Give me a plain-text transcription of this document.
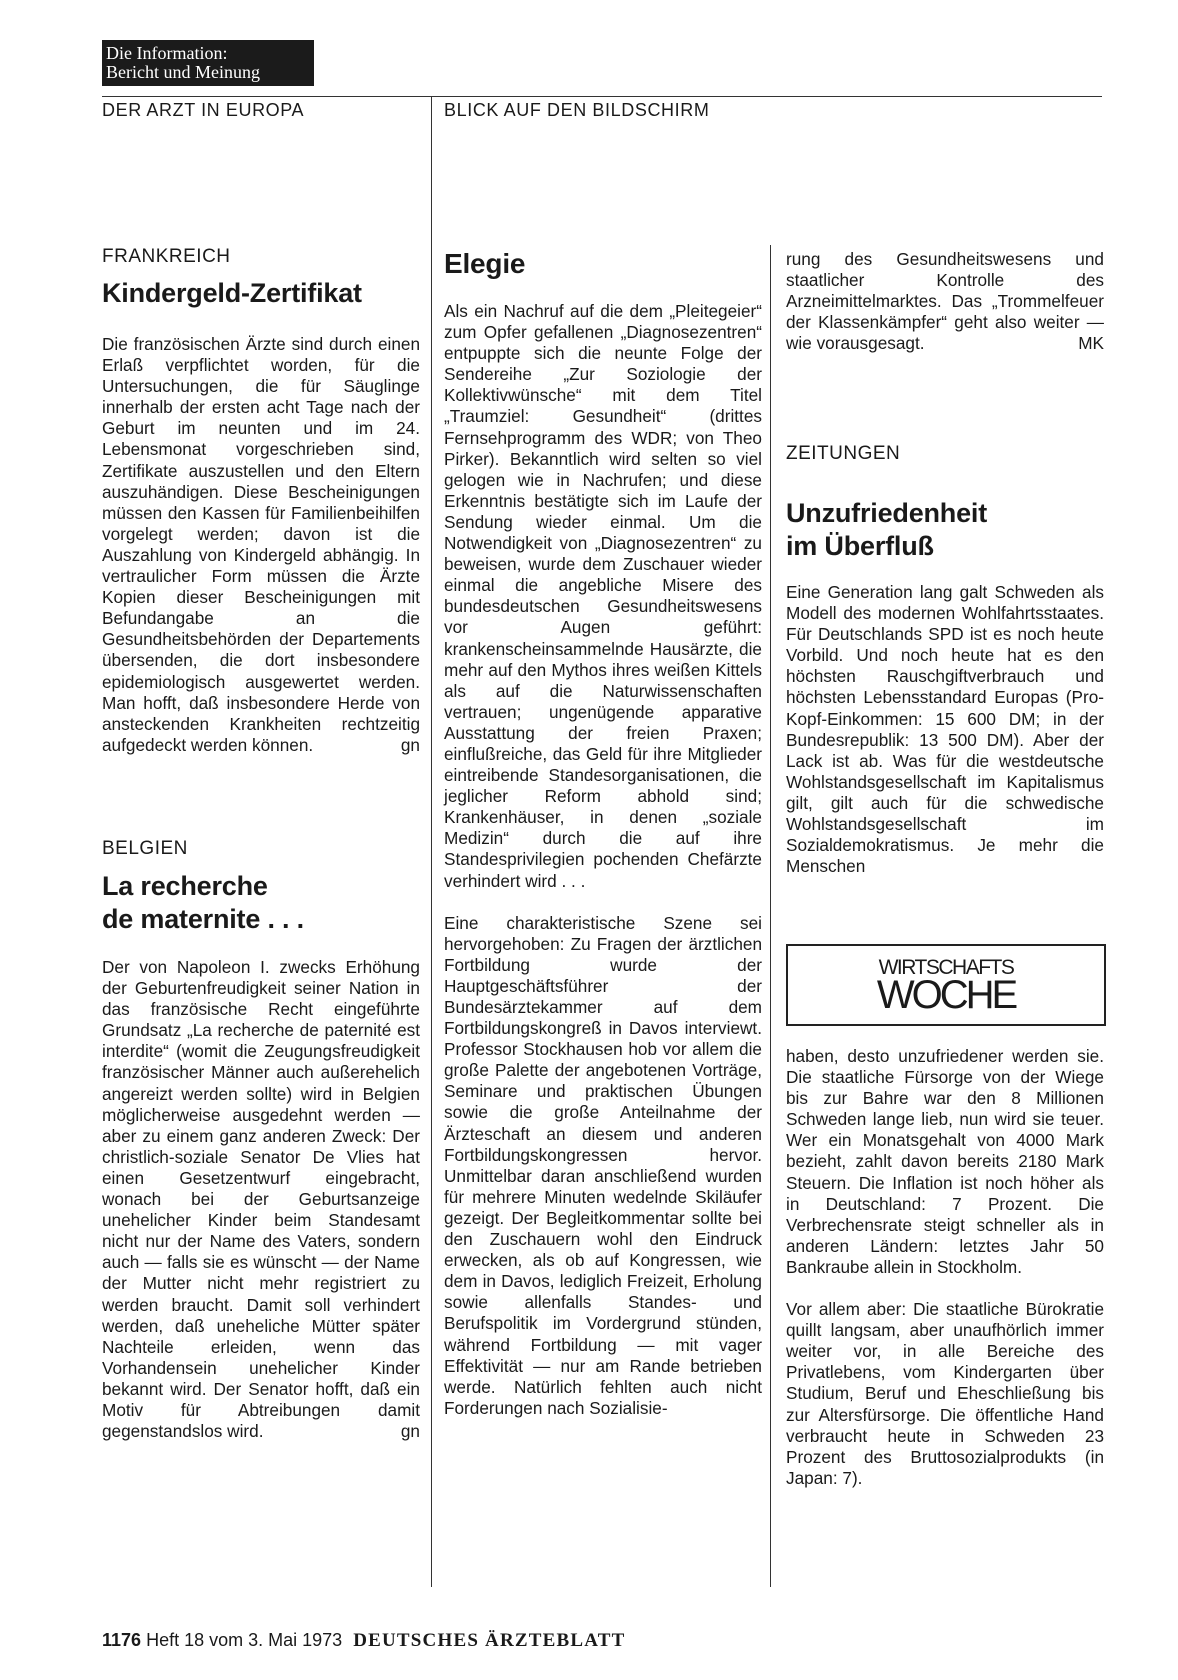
Die Information:
Bericht und Meinung
DER ARZT IN EUROPA	BLICK AUF DEN BILDSCHIRM
FRANKREICH
Kindergeld-Zertifikat

Die französischen Ärzte sind durch einen Erlaß verpflichtet worden, für die Untersuchungen, die für Säuglinge innerhalb der ersten acht Tage nach der Geburt im neunten und im 24. Lebensmonat vorgeschrieben sind, Zertifikate auszustellen und den Eltern auszuhändigen. Diese Bescheinigungen müssen den Kassen für Familienbeihilfen vorgelegt werden; davon ist die Auszahlung von Kindergeld abhängig. In vertraulicher Form müssen die Ärzte Kopien dieser Bescheinigungen mit Befundangabe an die Gesundheitsbehörden der Departements übersenden, die dort insbesondere epidemiologisch ausgewertet werden. Man hofft, daß insbesondere Herde von ansteckenden Krankheiten rechtzeitig aufgedeckt werden können.	gn

BELGIEN
La recherche
de maternite . . .

Der von Napoleon I. zwecks Erhöhung der Geburtenfreudigkeit seiner Nation in das französische Recht eingeführte Grundsatz „La recherche de paternité est interdite“ (womit die Zeugungsfreudigkeit französischer Männer auch außerehelich angereizt werden sollte) wird in Belgien möglicherweise ausgedehnt werden — aber zu einem ganz anderen Zweck: Der christlich-soziale Senator De Vlies hat einen Gesetzentwurf eingebracht, wonach bei der Geburtsanzeige unehelicher Kinder beim Standesamt nicht nur der Name des Vaters, sondern auch — falls sie es wünscht — der Name der Mutter nicht mehr registriert zu werden braucht. Damit soll verhindert werden, daß uneheliche Mütter später Nachteile erleiden, wenn das Vorhandensein unehelicher Kinder bekannt wird. Der Senator hofft, daß ein Motiv für Abtreibungen damit gegenstandslos wird.	gn

Elegie

Als ein Nachruf auf die dem „Pleitegeier“ zum Opfer gefallenen „Diagnosezentren“ entpuppte sich die neunte Folge der Sendereihe „Zur Soziologie der Kollektivwünsche“ mit dem Titel „Traumziel: Gesundheit“ (drittes Fernsehprogramm des WDR; von Theo Pirker). Bekanntlich wird selten so viel gelogen wie in Nachrufen; und diese Erkenntnis bestätigte sich im Laufe der Sendung wieder einmal. Um die Notwendigkeit von „Diagnosezentren“ zu beweisen, wurde dem Zuschauer wieder einmal die angebliche Misere des bundesdeutschen Gesundheitswesens vor Augen geführt: krankenscheinsammelnde Hausärzte, die mehr auf den Mythos ihres weißen Kittels als auf die Naturwissenschaften vertrauen; ungenügende apparative Ausstattung der freien Praxen; einflußreiche, das Geld für ihre Mitglieder eintreibende Standesorganisationen, die jeglicher Reform abhold sind; Krankenhäuser, in denen „soziale Medizin“ durch die auf ihre Standesprivilegien pochenden Chefärzte verhindert wird . . .

Eine charakteristische Szene sei hervorgehoben: Zu Fragen der ärztlichen Fortbildung wurde der Hauptgeschäftsführer der Bundesärztekammer auf dem Fortbildungskongreß in Davos interviewt. Professor Stockhausen hob vor allem die große Palette der angebotenen Vorträge, Seminare und praktischen Übungen sowie die große Anteilnahme der Ärzteschaft an diesem und anderen Fortbildungskongressen hervor. Unmittelbar daran anschließend wurden für mehrere Minuten wedelnde Skiläufer gezeigt. Der Begleitkommentar sollte bei den Zuschauern wohl den Eindruck erwecken, als ob auf Kongressen, wie dem in Davos, lediglich Freizeit, Erholung sowie allenfalls Standes- und Berufspolitik im Vordergrund stünden, während Fortbildung — mit vager Effektivität — nur am Rande betrieben werde. Natürlich fehlten auch nicht Forderungen nach Sozialisie-

rung des Gesundheitswesens und staatlicher Kontrolle des Arzneimittelmarktes. Das „Trommelfeuer der Klassenkämpfer“ geht also weiter — wie vorausgesagt.	MK

ZEITUNGEN
Unzufriedenheit
im Überfluß

Eine Generation lang galt Schweden als Modell des modernen Wohlfahrtsstaates. Für Deutschlands SPD ist es noch heute Vorbild. Und noch heute hat es den höchsten Rauschgiftverbrauch und höchsten Lebensstandard Europas (Pro-Kopf-Einkommen: 15 600 DM; in der Bundesrepublik: 13 500 DM). Aber der Lack ist ab. Was für die westdeutsche Wohlstandsgesellschaft im Kapitalismus gilt, gilt auch für die schwedische Wohlstandsgesellschaft im Sozialdemokratismus. Je mehr die Menschen

WIRTSCHAFTS
WOCHE

haben, desto unzufriedener werden sie. Die staatliche Fürsorge von der Wiege bis zur Bahre war den 8 Millionen Schweden lange lieb, nun wird sie teuer. Wer ein Monatsgehalt von 4000 Mark bezieht, zahlt davon bereits 2180 Mark Steuern. Die Inflation ist noch höher als in Deutschland: 7 Prozent. Die Verbrechensrate steigt schneller als in anderen Ländern: letztes Jahr 50 Bankraube allein in Stockholm.

Vor allem aber: Die staatliche Bürokratie quillt langsam, aber unaufhörlich immer weiter vor, in alle Bereiche des Privatlebens, vom Kindergarten über Studium, Beruf und Eheschließung bis zur Altersfürsorge. Die öffentliche Hand verbraucht heute in Schweden 23 Prozent des Bruttosozialprodukts (in Japan: 7).

1176 Heft 18 vom 3. Mai 1973 DEUTSCHES ÄRZTEBLATT
